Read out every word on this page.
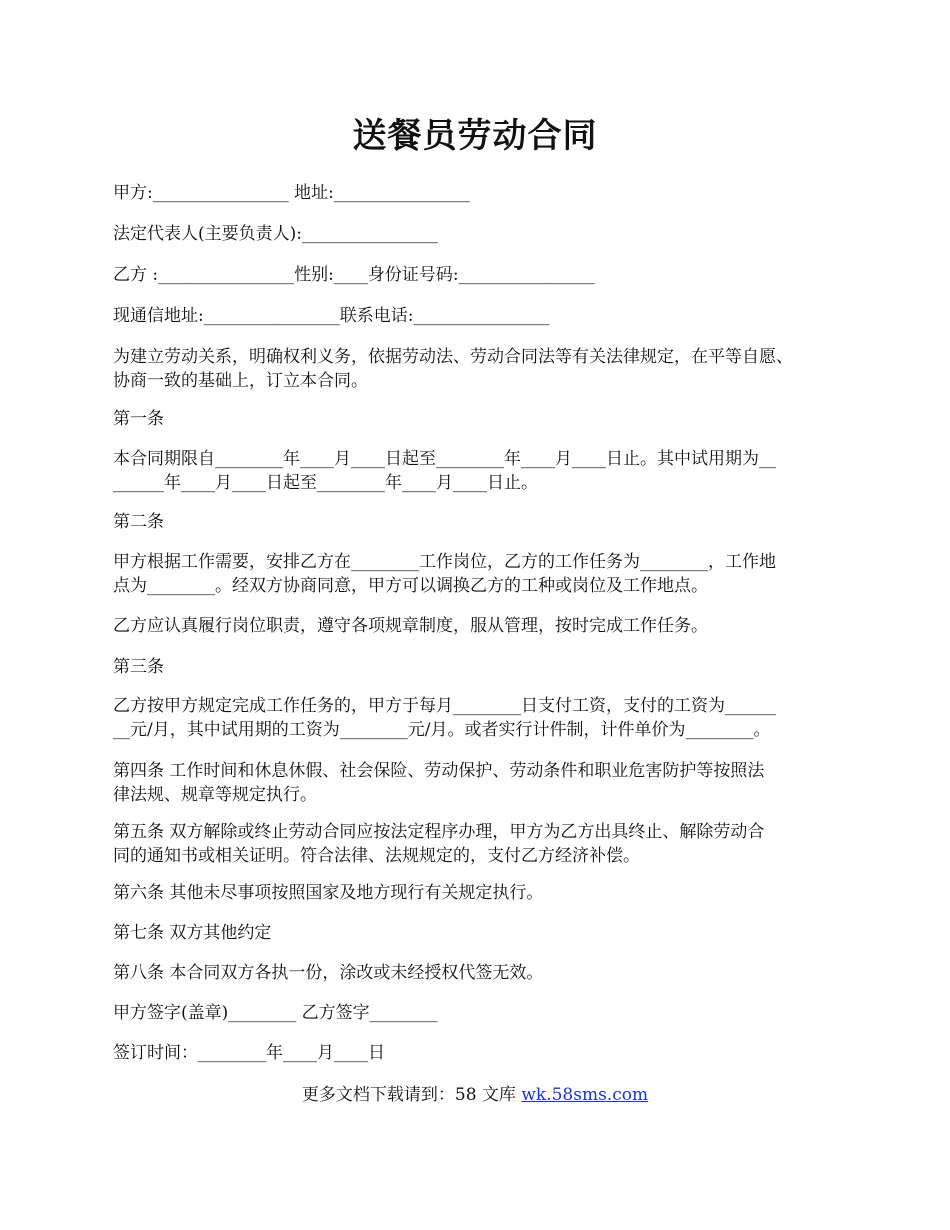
送餐员劳动合同

甲方:________________ 地址:________________

法定代表人(主要负责人):________________

乙方 :________________性别:____身份证号码:________________

现通信地址:________________联系电话:________________

为建立劳动关系，明确权利义务，依据劳动法、劳动合同法等有关法律规定，在平等自愿、
协商一致的基础上，订立本合同。

第一条

本合同期限自________年____月____日起至________年____月____日止。其中试用期为__
______年____月____日起至________年____月____日止。

第二条

甲方根据工作需要，安排乙方在________工作岗位，乙方的工作任务为________，工作地
点为________。经双方协商同意，甲方可以调换乙方的工种或岗位及工作地点。

乙方应认真履行岗位职责，遵守各项规章制度，服从管理，按时完成工作任务。

第三条

乙方按甲方规定完成工作任务的，甲方于每月________日支付工资，支付的工资为______
__元/月，其中试用期的工资为________元/月。或者实行计件制，计件单价为________。

第四条 工作时间和休息休假、社会保险、劳动保护、劳动条件和职业危害防护等按照法
律法规、规章等规定执行。

第五条 双方解除或终止劳动合同应按法定程序办理，甲方为乙方出具终止、解除劳动合
同的通知书或相关证明。符合法律、法规规定的，支付乙方经济补偿。

第六条 其他未尽事项按照国家及地方现行有关规定执行。

第七条 双方其他约定

第八条 本合同双方各执一份，涂改或未经授权代签无效。

甲方签字(盖章)________ 乙方签字________

签订时间：________年____月____日

更多文档下载请到：58 文库 wk.58sms.com
